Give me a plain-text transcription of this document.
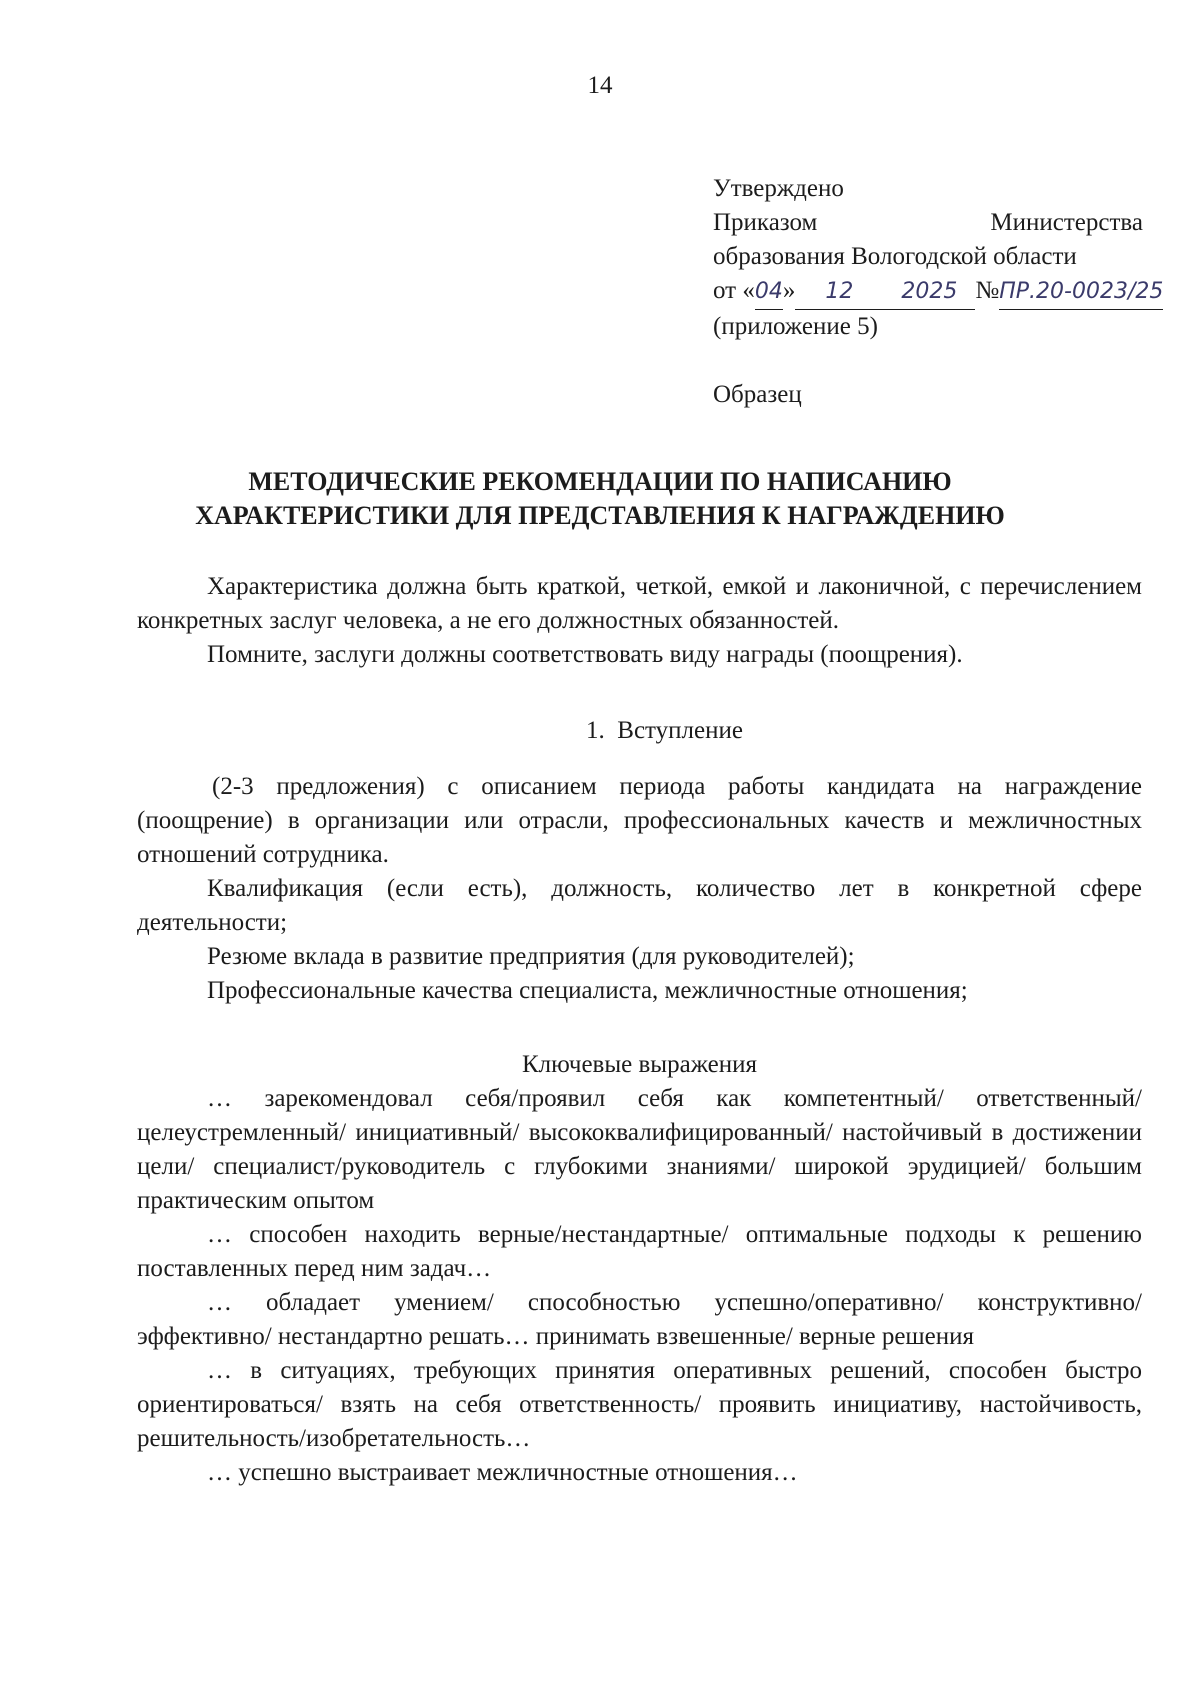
14
Утверждено
Приказом	Министерства
образования Вологодской области
от «04» 12 2025 №ПР.20-0023/25
(приложение 5)
Образец
МЕТОДИЧЕСКИЕ РЕКОМЕНДАЦИИ ПО НАПИСАНИЮ
ХАРАКТЕРИСТИКИ ДЛЯ ПРЕДСТАВЛЕНИЯ К НАГРАЖДЕНИЮ

Характеристика должна быть краткой, четкой, емкой и лаконичной, с перечислением конкретных заслуг человека, а не его должностных обязанностей.

Помните, заслуги должны соответствовать виду награды (поощрения).

1. Вступление

(2-3 предложения) с описанием периода работы кандидата на награждение (поощрение) в организации или отрасли, профессиональных качеств и межличностных отношений сотрудника.

Квалификация (если есть), должность, количество лет в конкретной сфере деятельности;

Резюме вклада в развитие предприятия (для руководителей);

Профессиональные качества специалиста, межличностные отношения;

Ключевые выражения

… зарекомендовал себя/проявил себя как компетентный/ ответственный/ целеустремленный/ инициативный/ высококвалифицированный/ настойчивый в достижении цели/ специалист/руководитель с глубокими знаниями/ широкой эрудицией/ большим практическим опытом

… способен находить верные/нестандартные/ оптимальные подходы к решению поставленных перед ним задач…

… обладает умением/ способностью успешно/оперативно/ конструктивно/ эффективно/ нестандартно решать… принимать взвешенные/ верные решения

… в ситуациях, требующих принятия оперативных решений, способен быстро ориентироваться/ взять на себя ответственность/ проявить инициативу, настойчивость, решительность/изобретательность…

… успешно выстраивает межличностные отношения…
